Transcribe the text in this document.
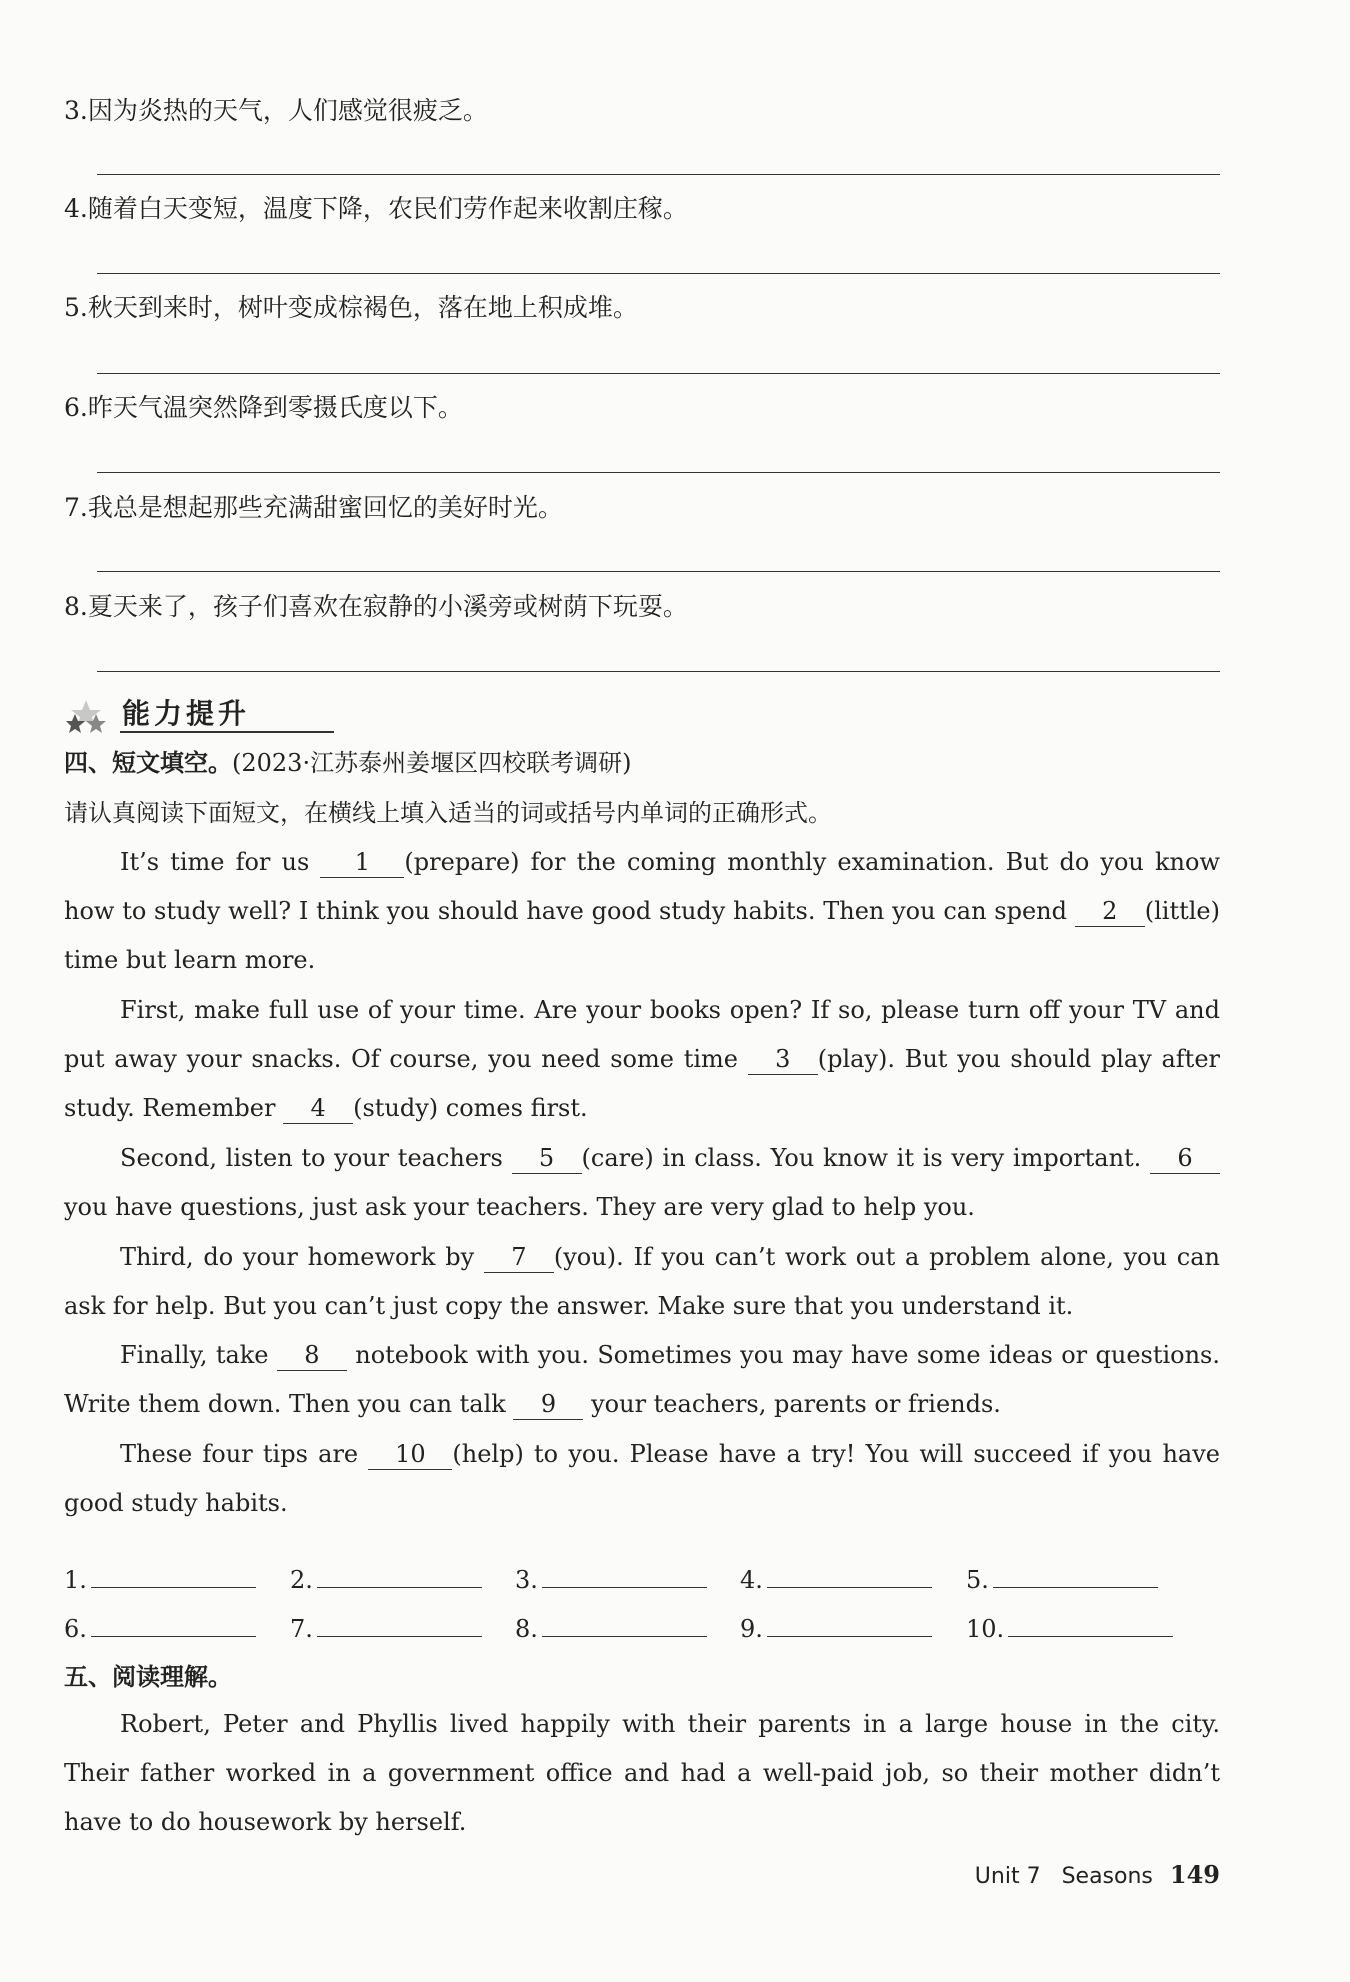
3.因为炎热的天气，人们感觉很疲乏。
4.随着白天变短，温度下降，农民们劳作起来收割庄稼。
5.秋天到来时，树叶变成棕褐色，落在地上积成堆。
6.昨天气温突然降到零摄氏度以下。
7.我总是想起那些充满甜蜜回忆的美好时光。
8.夏天来了，孩子们喜欢在寂静的小溪旁或树荫下玩耍。
能力提升
四、短文填空。(2023·江苏泰州姜堰区四校联考调研)
请认真阅读下面短文，在横线上填入适当的词或括号内单词的正确形式。
It’s time for us 1 (prepare) for the coming monthly examination. But do you know how to study well? I think you should have good study habits. Then you can spend 2 (little) time but learn more.
First, make full use of your time. Are your books open? If so, please turn off your TV and put away your snacks. Of course, you need some time 3 (play). But you should play after study. Remember 4 (study) comes first.
Second, listen to your teachers 5 (care) in class. You know it is very important. 6 you have questions, just ask your teachers. They are very glad to help you.
Third, do your homework by 7 (you). If you can’t work out a problem alone, you can ask for help. But you can’t just copy the answer. Make sure that you understand it.
Finally, take 8 notebook with you. Sometimes you may have some ideas or questions. Write them down. Then you can talk 9 your teachers, parents or friends.
These four tips are 10 (help) to you. Please have a try! You will succeed if you have good study habits.
1.	2.	3.	4.	5.
6.	7.	8.	9.	10.
五、阅读理解。
Robert, Peter and Phyllis lived happily with their parents in a large house in the city. Their father worked in a government office and had a well-paid job, so their mother didn’t have to do housework by herself.
Unit 7 Seasons 149
